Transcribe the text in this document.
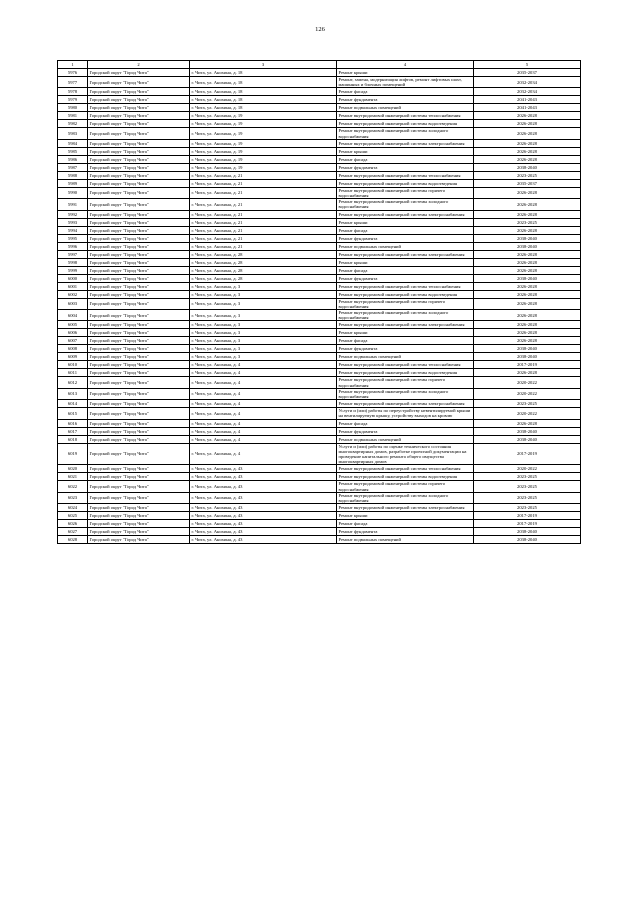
126
1	2	3	4	5
5976	Городской округ "Город Чита"	г. Чита, ул. Анохина, д. 18	Ремонт крыши	2035-2037
5977	Городской округ "Город Чита"	г. Чита, ул. Анохина, д. 18	Ремонт, замена, модернизация лифтов, ремонт лифтовых шахт, машинных и блочных помещений	2032-2034
5978	Городской округ "Город Чита"	г. Чита, ул. Анохина, д. 18	Ремонт фасада	2032-2034
5979	Городской округ "Город Чита"	г. Чита, ул. Анохина, д. 18	Ремонт фундамента	2041-2043
5980	Городской округ "Город Чита"	г. Чита, ул. Анохина, д. 18	Ремонт подвальных помещений	2041-2043
5981	Городской округ "Город Чита"	г. Чита, ул. Анохина, д. 19	Ремонт внутридомовой инженерной системы теплоснабжения	2026-2028
5982	Городской округ "Город Чита"	г. Чита, ул. Анохина, д. 19	Ремонт внутридомовой инженерной системы водоотведения	2026-2028
5983	Городской округ "Город Чита"	г. Чита, ул. Анохина, д. 19	Ремонт внутридомовой инженерной системы холодного водоснабжения	2026-2028
5984	Городской округ "Город Чита"	г. Чита, ул. Анохина, д. 19	Ремонт внутридомовой инженерной системы электроснабжения	2026-2028
5985	Городской округ "Город Чита"	г. Чита, ул. Анохина, д. 19	Ремонт крыши	2026-2028
5986	Городской округ "Город Чита"	г. Чита, ул. Анохина, д. 19	Ремонт фасада	2026-2028
5987	Городской округ "Город Чита"	г. Чита, ул. Анохина, д. 19	Ремонт фундамента	2038-2040
5988	Городской округ "Город Чита"	г. Чита, ул. Анохина, д. 21	Ремонт внутридомовой инженерной системы теплоснабжения	2023-2025
5989	Городской округ "Город Чита"	г. Чита, ул. Анохина, д. 21	Ремонт внутридомовой инженерной системы водоотведения	2035-2037
5990	Городской округ "Город Чита"	г. Чита, ул. Анохина, д. 21	Ремонт внутридомовой инженерной системы горячего водоснабжения	2026-2028
5991	Городской округ "Город Чита"	г. Чита, ул. Анохина, д. 21	Ремонт внутридомовой инженерной системы холодного водоснабжения	2026-2028
5992	Городской округ "Город Чита"	г. Чита, ул. Анохина, д. 21	Ремонт внутридомовой инженерной системы электроснабжения	2026-2028
5993	Городской округ "Город Чита"	г. Чита, ул. Анохина, д. 21	Ремонт крыши	2023-2025
5994	Городской округ "Город Чита"	г. Чита, ул. Анохина, д. 21	Ремонт фасада	2026-2028
5995	Городской округ "Город Чита"	г. Чита, ул. Анохина, д. 21	Ремонт фундамента	2038-2040
5996	Городской округ "Город Чита"	г. Чита, ул. Анохина, д. 21	Ремонт подвальных помещений	2038-2040
5997	Городской округ "Город Чита"	г. Чита, ул. Анохина, д. 28	Ремонт внутридомовой инженерной системы электроснабжения	2026-2028
5998	Городской округ "Город Чита"	г. Чита, ул. Анохина, д. 28	Ремонт крыши	2026-2028
5999	Городской округ "Город Чита"	г. Чита, ул. Анохина, д. 28	Ремонт фасада	2026-2028
6000	Городской округ "Город Чита"	г. Чита, ул. Анохина, д. 28	Ремонт фундамента	2038-2040
6001	Городской округ "Город Чита"	г. Чита, ул. Анохина, д. 3	Ремонт внутридомовой инженерной системы теплоснабжения	2026-2028
6002	Городской округ "Город Чита"	г. Чита, ул. Анохина, д. 3	Ремонт внутридомовой инженерной системы водоотведения	2026-2028
6003	Городской округ "Город Чита"	г. Чита, ул. Анохина, д. 3	Ремонт внутридомовой инженерной системы горячего водоснабжения	2026-2028
6004	Городской округ "Город Чита"	г. Чита, ул. Анохина, д. 3	Ремонт внутридомовой инженерной системы холодного водоснабжения	2026-2028
6005	Городской округ "Город Чита"	г. Чита, ул. Анохина, д. 3	Ремонт внутридомовой инженерной системы электроснабжения	2026-2028
6006	Городской округ "Город Чита"	г. Чита, ул. Анохина, д. 3	Ремонт крыши	2026-2028
6007	Городской округ "Город Чита"	г. Чита, ул. Анохина, д. 3	Ремонт фасада	2026-2028
6008	Городской округ "Город Чита"	г. Чита, ул. Анохина, д. 3	Ремонт фундамента	2038-2040
6009	Городской округ "Город Чита"	г. Чита, ул. Анохина, д. 3	Ремонт подвальных помещений	2038-2040
6010	Городской округ "Город Чита"	г. Чита, ул. Анохина, д. 4	Ремонт внутридомовой инженерной системы теплоснабжения	2017-2019
6011	Городской округ "Город Чита"	г. Чита, ул. Анохина, д. 4	Ремонт внутридомовой инженерной системы водоотведения	2026-2028
6012	Городской округ "Город Чита"	г. Чита, ул. Анохина, д. 4	Ремонт внутридомовой инженерной системы горячего водоснабжения	2020-2022
6013	Городской округ "Город Чита"	г. Чита, ул. Анохина, д. 4	Ремонт внутридомовой инженерной системы холодного водоснабжения	2020-2022
6014	Городской округ "Город Чита"	г. Чита, ул. Анохина, д. 4	Ремонт внутридомовой инженерной системы электроснабжения	2023-2025
6015	Городской округ "Город Чита"	г. Чита, ул. Анохина, д. 4	Услуги и (или) работы по переустройству невентилируемой крыши на вентилируемую крышу, устройству выходов на кровлю	2020-2022
6016	Городской округ "Город Чита"	г. Чита, ул. Анохина, д. 4	Ремонт фасада	2026-2028
6017	Городской округ "Город Чита"	г. Чита, ул. Анохина, д. 4	Ремонт фундамента	2038-2040
6018	Городской округ "Город Чита"	г. Чита, ул. Анохина, д. 4	Ремонт подвальных помещений	2038-2040
6019	Городской округ "Город Чита"	г. Чита, ул. Анохина, д. 4	Услуги и (или) работы по оценке технического состояния многоквартирных домов, разработке проектной документации на проведение капитального ремонта общего имущества многоквартирных домов	2017-2019
6020	Городской округ "Город Чита"	г. Чита, ул. Анохина, д. 43	Ремонт внутридомовой инженерной системы теплоснабжения	2020-2022
6021	Городской округ "Город Чита"	г. Чита, ул. Анохина, д. 43	Ремонт внутридомовой инженерной системы водоотведения	2023-2025
6022	Городской округ "Город Чита"	г. Чита, ул. Анохина, д. 43	Ремонт внутридомовой инженерной системы горячего водоснабжения	2023-2025
6023	Городской округ "Город Чита"	г. Чита, ул. Анохина, д. 43	Ремонт внутридомовой инженерной системы холодного водоснабжения	2023-2025
6024	Городской округ "Город Чита"	г. Чита, ул. Анохина, д. 43	Ремонт внутридомовой инженерной системы электроснабжения	2023-2025
6025	Городской округ "Город Чита"	г. Чита, ул. Анохина, д. 43	Ремонт крыши	2017-2019
6026	Городской округ "Город Чита"	г. Чита, ул. Анохина, д. 43	Ремонт фасада	2017-2019
6027	Городской округ "Город Чита"	г. Чита, ул. Анохина, д. 43	Ремонт фундамента	2038-2040
6028	Городской округ "Город Чита"	г. Чита, ул. Анохина, д. 43	Ремонт подвальных помещений	2038-2040
